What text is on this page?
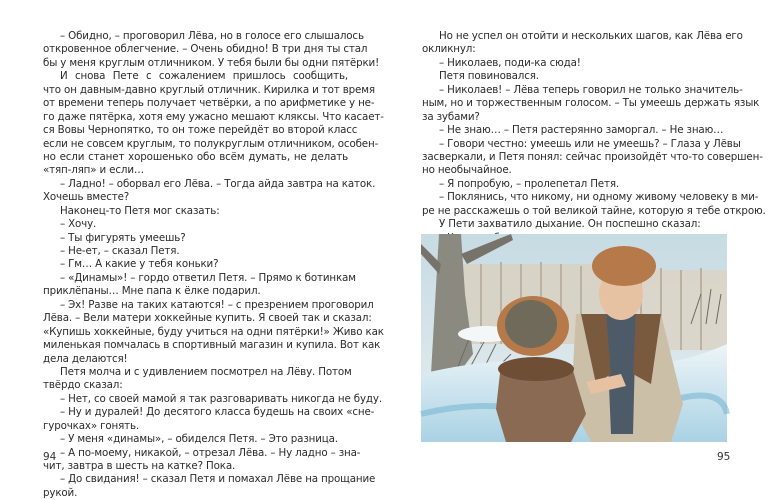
– Обидно, – проговорил Лёва, но в голосе его слышалось
откровенное облегчение. – Очень обидно! В три дня ты стал
бы у меня круглым отличником. У тебя были бы одни пятёрки!
И снова Пете с сожалением пришлось сообщить,
что он давным-давно круглый отличник. Кирилка и тот время
от времени теперь получает четвёрки, а по арифметике у не-
го даже пятёрка, хотя ему ужасно мешают кляксы. Что касает-
ся Вовы Чернопятко, то он тоже перейдёт во второй класс
если не совсем круглым, то полукруглым отличником, особен-
но если станет хорошенько обо всём думать, не делать
«тяп-ляп» и если…
– Ладно! – оборвал его Лёва. – Тогда айда завтра на каток.
Хочешь вместе?
Наконец-то Петя мог сказать:
– Хочу.
– Ты фигурять умеешь?
– Не-ет, – сказал Петя.
– Гм… А какие у тебя коньки?
– «Динамы»! – гордо ответил Петя. – Прямо к ботинкам
приклёпаны… Мне папа к ёлке подарил.
– Эх! Разве на таких катаются! – с презрением проговорил
Лёва. – Вели матери хоккейные купить. Я своей так и сказал:
«Купишь хоккейные, буду учиться на одни пятёрки!» Живо как
миленькая помчалась в спортивный магазин и купила. Вот как
дела делаются!
Петя молча и с удивлением посмотрел на Лёву. Потом
твёрдо сказал:
– Нет, со своей мамой я так разговаривать никогда не буду.
– Ну и дуралей! До десятого класса будешь на своих «сне-
гурочках» гонять.
– У меня «динамы», – обиделся Петя. – Это разница.
– А по-моему, никакой, – отрезал Лёва. – Ну ладно – зна-
чит, завтра в шесть на катке? Пока.
– До свидания! – сказал Петя и помахал Лёве на прощание
рукой.
94
Но не успел он отойти и нескольких шагов, как Лёва его
окликнул:
– Николаев, поди-ка сюда!
Петя повиновался.
– Николаев! – Лёва теперь говорил не только значитель-
ным, но и торжественным голосом. – Ты умеешь держать язык
за зубами?
– Не знаю… – Петя растерянно заморгал. – Не знаю…
– Говори честно: умеешь или не умеешь? – Глаза у Лёвы
засверкали, и Петя понял: сейчас произойдёт что-то совершен-
но необычайное.
– Я попробую, – пролепетал Петя.
– Поклянись, что никому, ни одному живому человеку в ми-
ре не расскажешь о той великой тайне, которую я тебе открою.
У Пети захватило дыхание. Он поспешно сказал:
95
